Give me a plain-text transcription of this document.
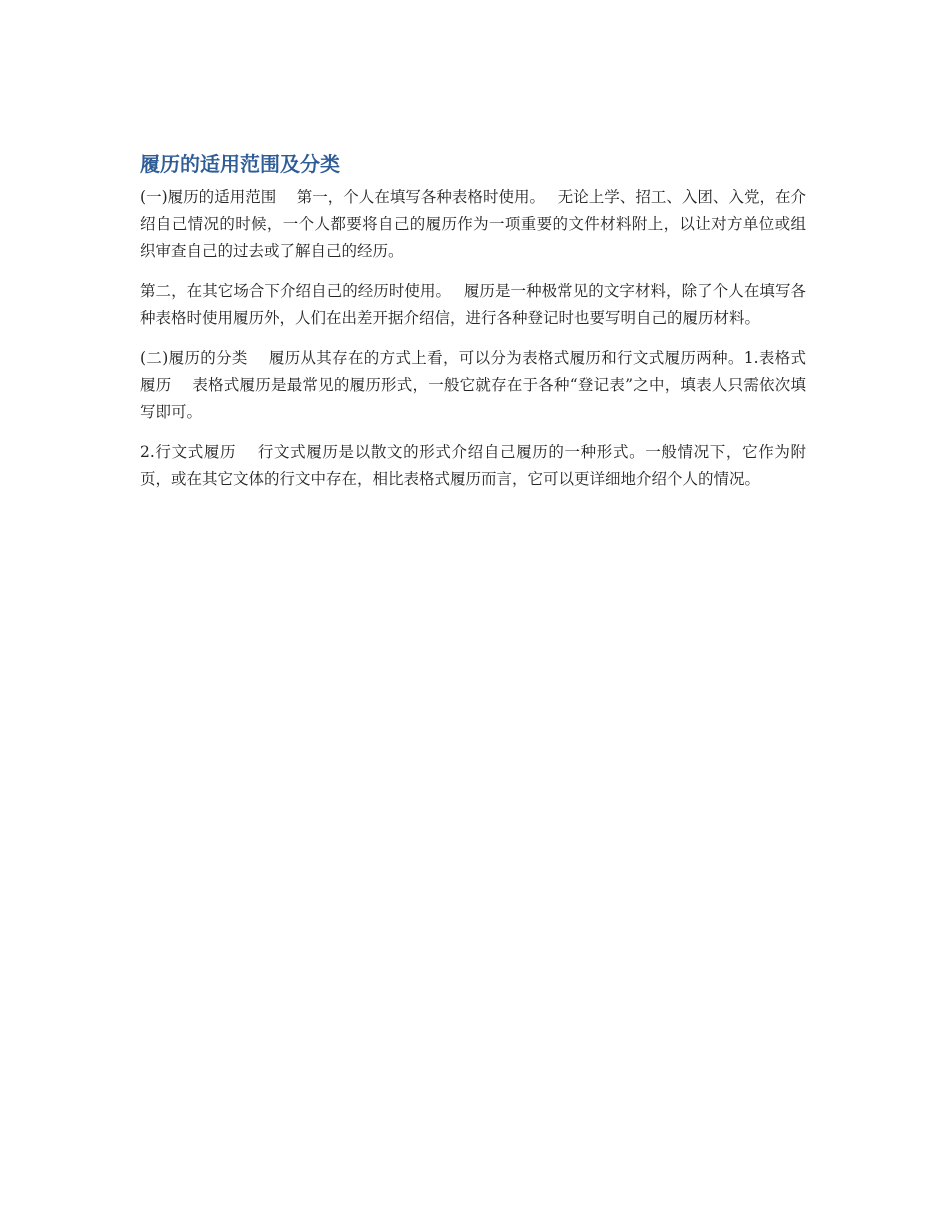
履历的适用范围及分类

(一)履历的适用范围　 第一，个人在填写各种表格时使用。　 无论上学、招工、入团、入党，在介绍自己情况的时候，一个人都要将自己的履历作为一项重要的文件材料附上，以让对方单位或组织审查自己的过去或了解自己的经历。

第二，在其它场合下介绍自己的经历时使用。　 履历是一种极常见的文字材料，除了个人在填写各种表格时使用履历外，人们在出差开据介绍信，进行各种登记时也要写明自己的履历材料。

(二)履历的分类　 履历从其存在的方式上看，可以分为表格式履历和行文式履历两种。1.表格式履历　 表格式履历是最常见的履历形式，一般它就存在于各种“登记表”之中，填表人只需依次填写即可。

2.行文式履历　 行文式履历是以散文的形式介绍自己履历的一种形式。一般情况下，它作为附页，或在其它文体的行文中存在，相比表格式履历而言，它可以更详细地介绍个人的情况。
